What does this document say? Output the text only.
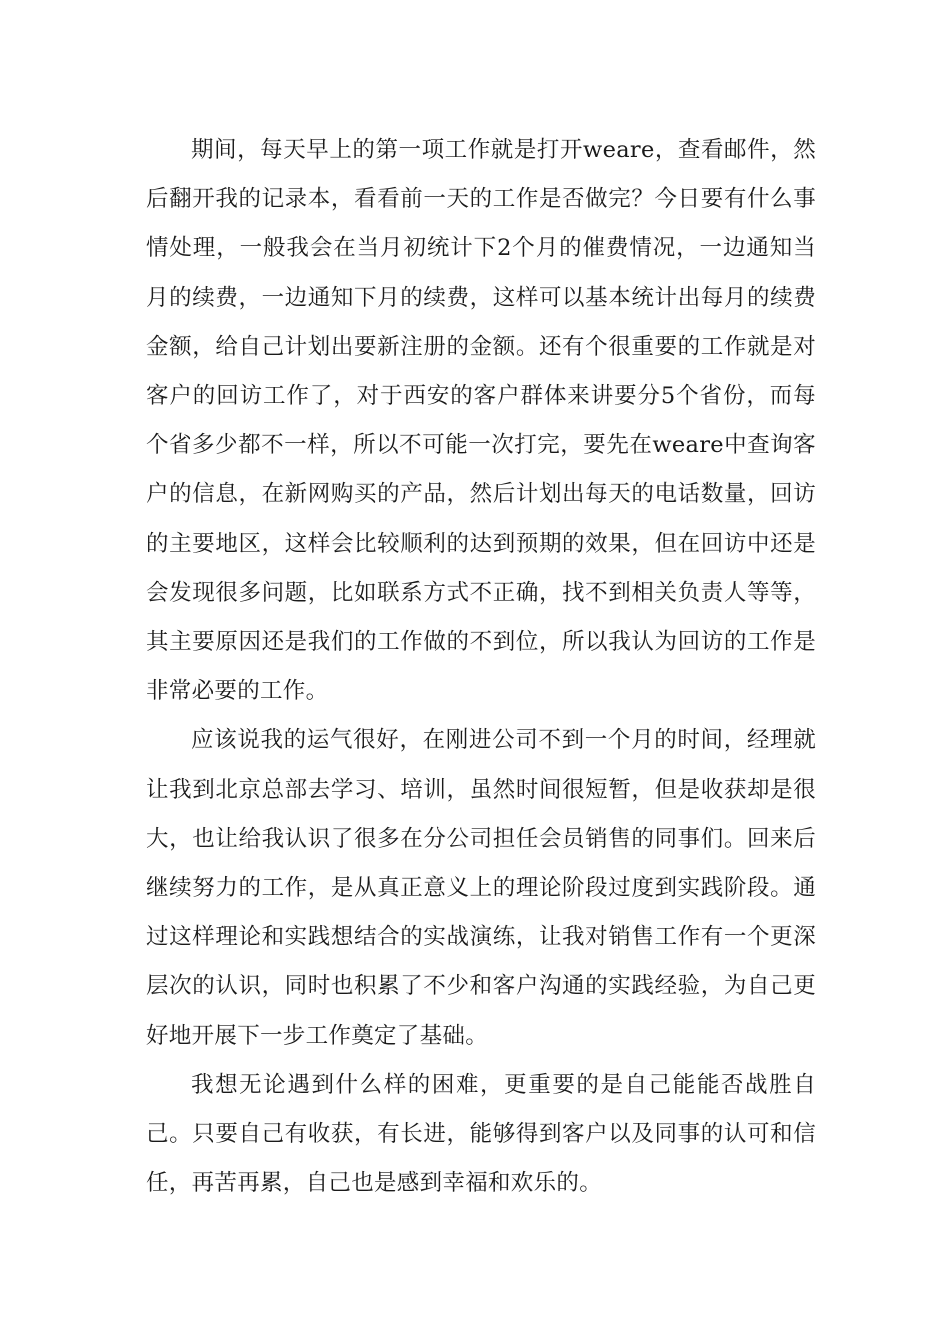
期间，每天早上的第一项工作就是打开weare，查看邮件，然后翻开我的记录本，看看前一天的工作是否做完？今日要有什么事情处理，一般我会在当月初统计下2个月的催费情况，一边通知当月的续费，一边通知下月的续费，这样可以基本统计出每月的续费金额，给自己计划出要新注册的金额。还有个很重要的工作就是对客户的回访工作了，对于西安的客户群体来讲要分5个省份，而每个省多少都不一样，所以不可能一次打完，要先在weare中查询客户的信息，在新网购买的产品，然后计划出每天的电话数量，回访的主要地区，这样会比较顺利的达到预期的效果，但在回访中还是会发现很多问题，比如联系方式不正确，找不到相关负责人等等，其主要原因还是我们的工作做的不到位，所以我认为回访的工作是非常必要的工作。

应该说我的运气很好，在刚进公司不到一个月的时间，经理就让我到北京总部去学习、培训，虽然时间很短暂，但是收获却是很大，也让给我认识了很多在分公司担任会员销售的同事们。回来后继续努力的工作，是从真正意义上的理论阶段过度到实践阶段。通过这样理论和实践想结合的实战演练，让我对销售工作有一个更深层次的认识，同时也积累了不少和客户沟通的实践经验，为自己更好地开展下一步工作奠定了基础。

我想无论遇到什么样的困难，更重要的是自己能能否战胜自己。只要自己有收获，有长进，能够得到客户以及同事的认可和信任，再苦再累，自己也是感到幸福和欢乐的。
